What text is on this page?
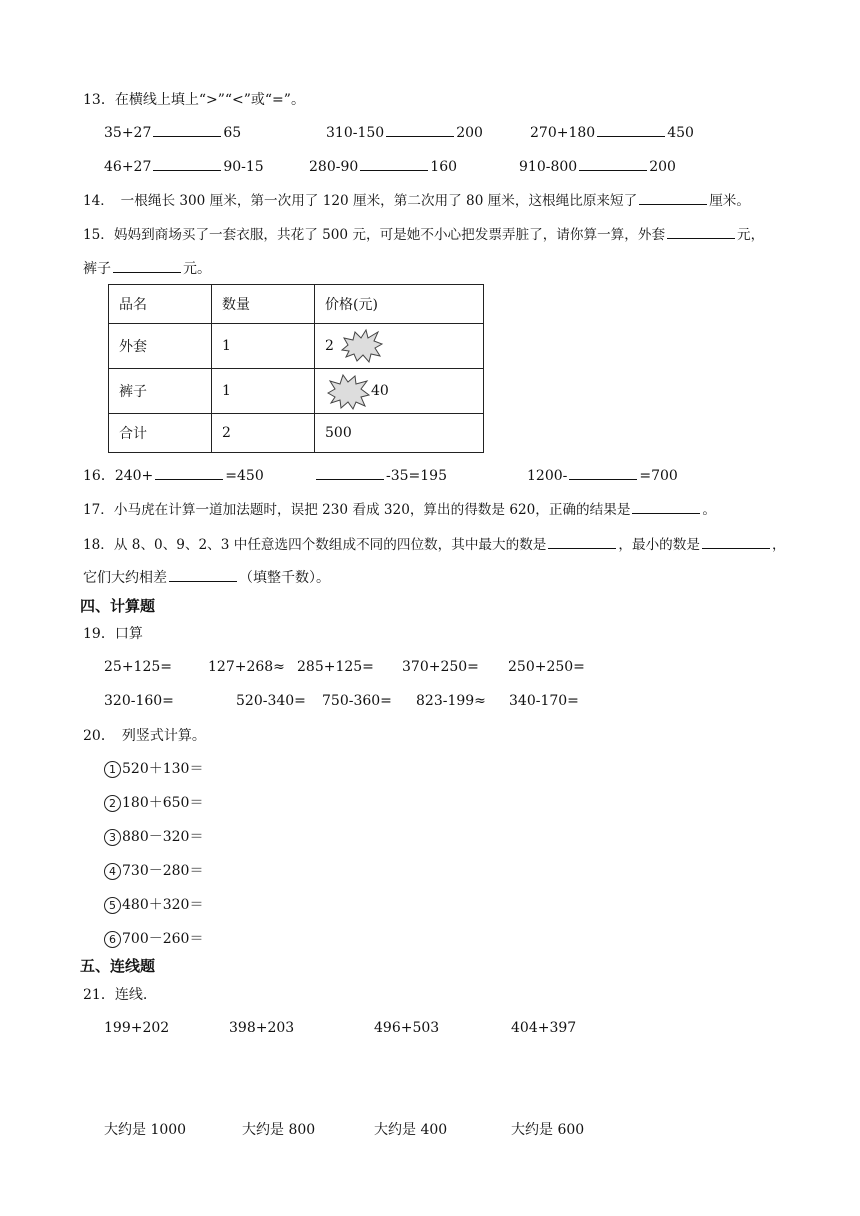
13．在横线上填上“>”“<”或“=”。
35+27	65	310-150	200	270+180	450
46+27	90-15	280-90	160	910-800	200
14．　一根绳长 300 厘米，第一次用了 120 厘米，第二次用了 80 厘米，这根绳比原来短了	厘米。
15．妈妈到商场买了一套衣服，共花了 500 元，可是她不小心把发票弄脏了，请你算一算，外套	元，
裤子	元。
品名	数量	价格(元)
外套	1	2
裤子	1	40
合计	2	500
16．240+	=450	-35=195	1200-	=700
17．小马虎在计算一道加法题时，误把 230 看成 320，算出的得数是 620，正确的结果是	。
18．从 8、0、9、2、3 中任意选四个数组成不同的四位数，其中最大的数是	，最小的数是	，
它们大约相差	（填整千数）。
四、计算题
19．口算
25+125=	127+268≈ 285+125= 370+250= 250+250=
320-160=	520-340= 750-360= 823-199≈ 340-170=
20．　列竖式计算。
1 520＋130＝
2 180＋650＝
3 880－320＝
4 730－280＝
5 480＋320＝
6 700－260＝
五、连线题
21．连线.
199+202	398+203	496+503	404+397
大约是 1000	大约是 800	大约是 400	大约是 600
